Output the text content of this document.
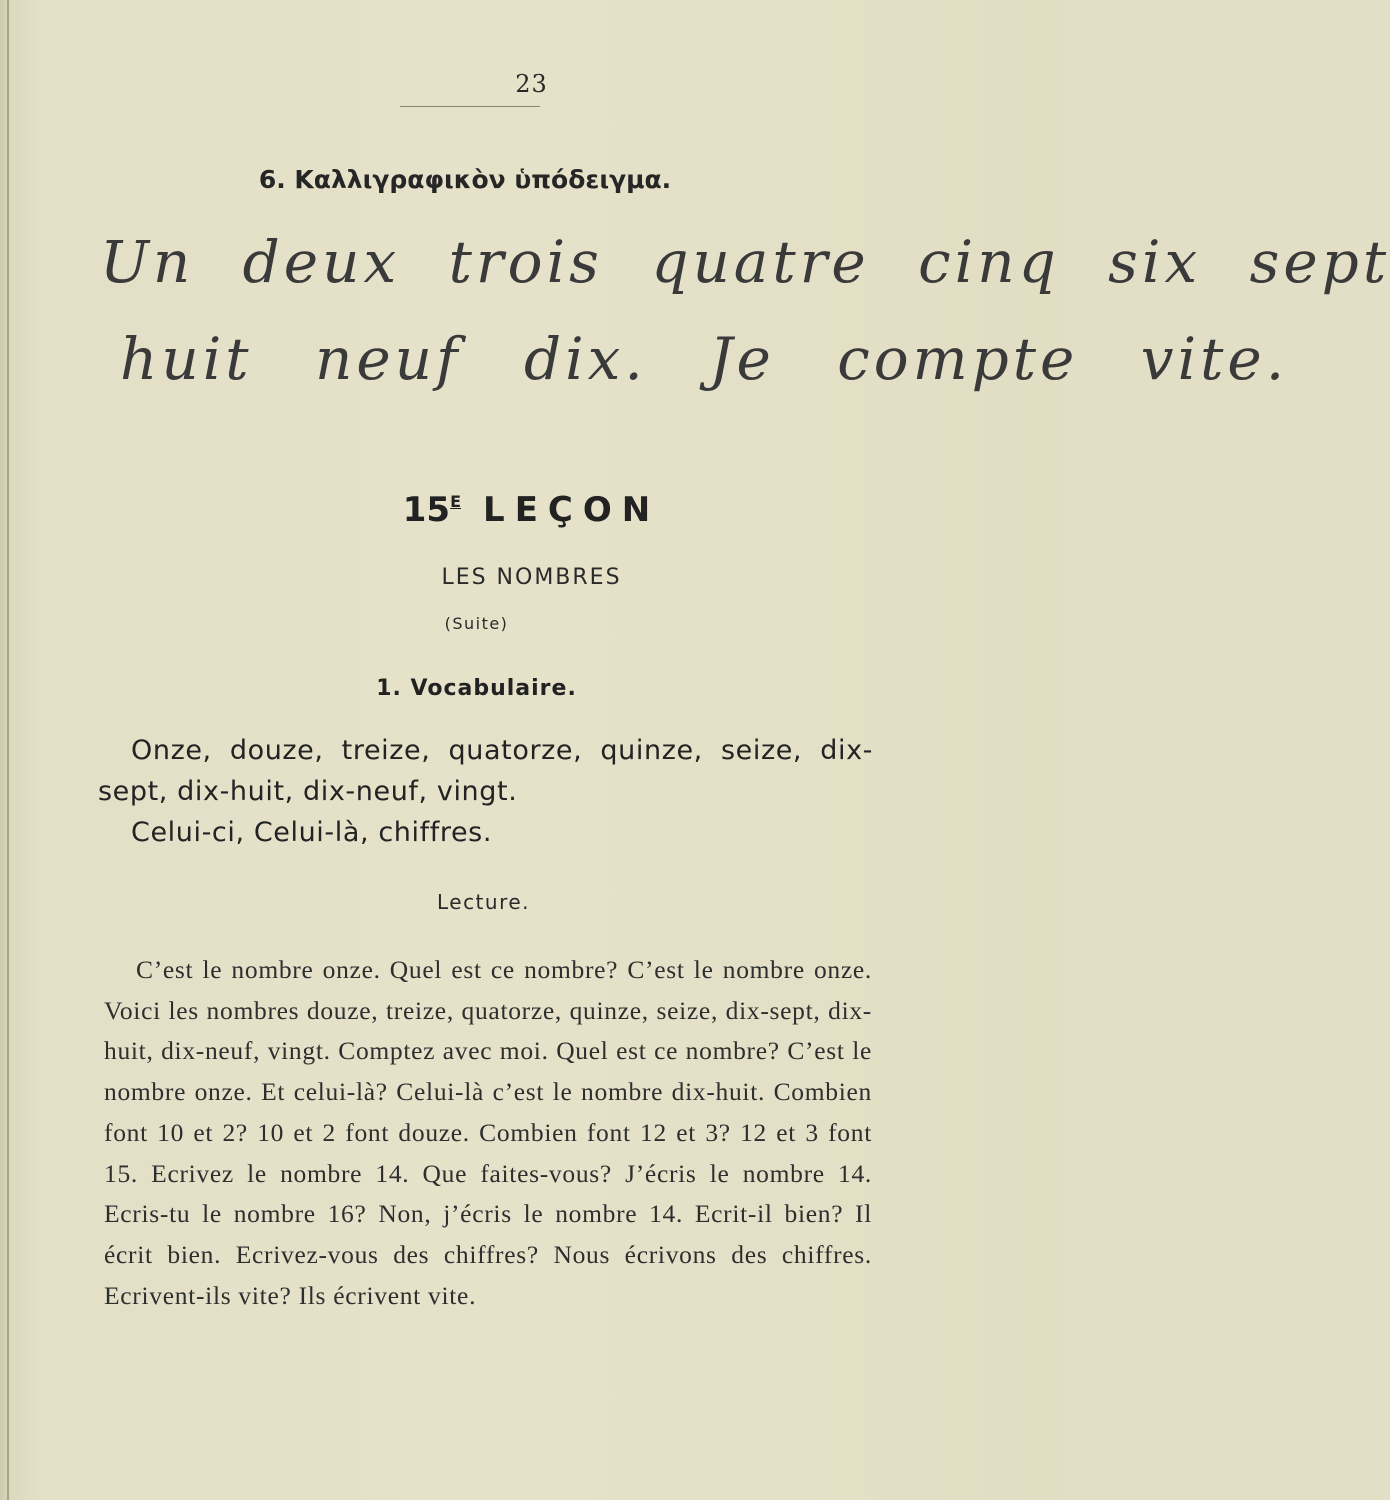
23
6. Καλλιγραφικὸν ὑπόδειγμα.
Un deux trois quatre cinq six sept
huit neuf dix. Je compte vite.
$15^E$ LEÇON
LES NOMBRES
(Suite)
1. Vocabulaire.

Onze, douze, treize, quatorze, quinze, seize, dix-sept, dix-huit, dix-neuf, vingt.

Celui-ci, Celui-là, chiffres.

Lecture.
C’est le nombre onze. Quel est ce nombre? C’est le nombre onze. Voici les nombres douze, treize, quatorze, quinze, seize, dix-sept, dix-huit, dix-neuf, vingt. Comptez avec moi. Quel est ce nombre? C’est le nombre onze. Et celui-là? Celui-là c’est le nombre dix-huit. Combien font 10 et 2? 10 et 2 font douze. Combien font 12 et 3? 12 et 3 font 15. Ecrivez le nombre 14. Que faites-vous? J’écris le nombre 14. Ecris-tu le nombre 16? Non, j’écris le nombre 14. Ecrit-il bien? Il écrit bien. Ecrivez-vous des chiffres? Nous écrivons des chiffres. Ecrivent-ils vite? Ils écrivent vite.
